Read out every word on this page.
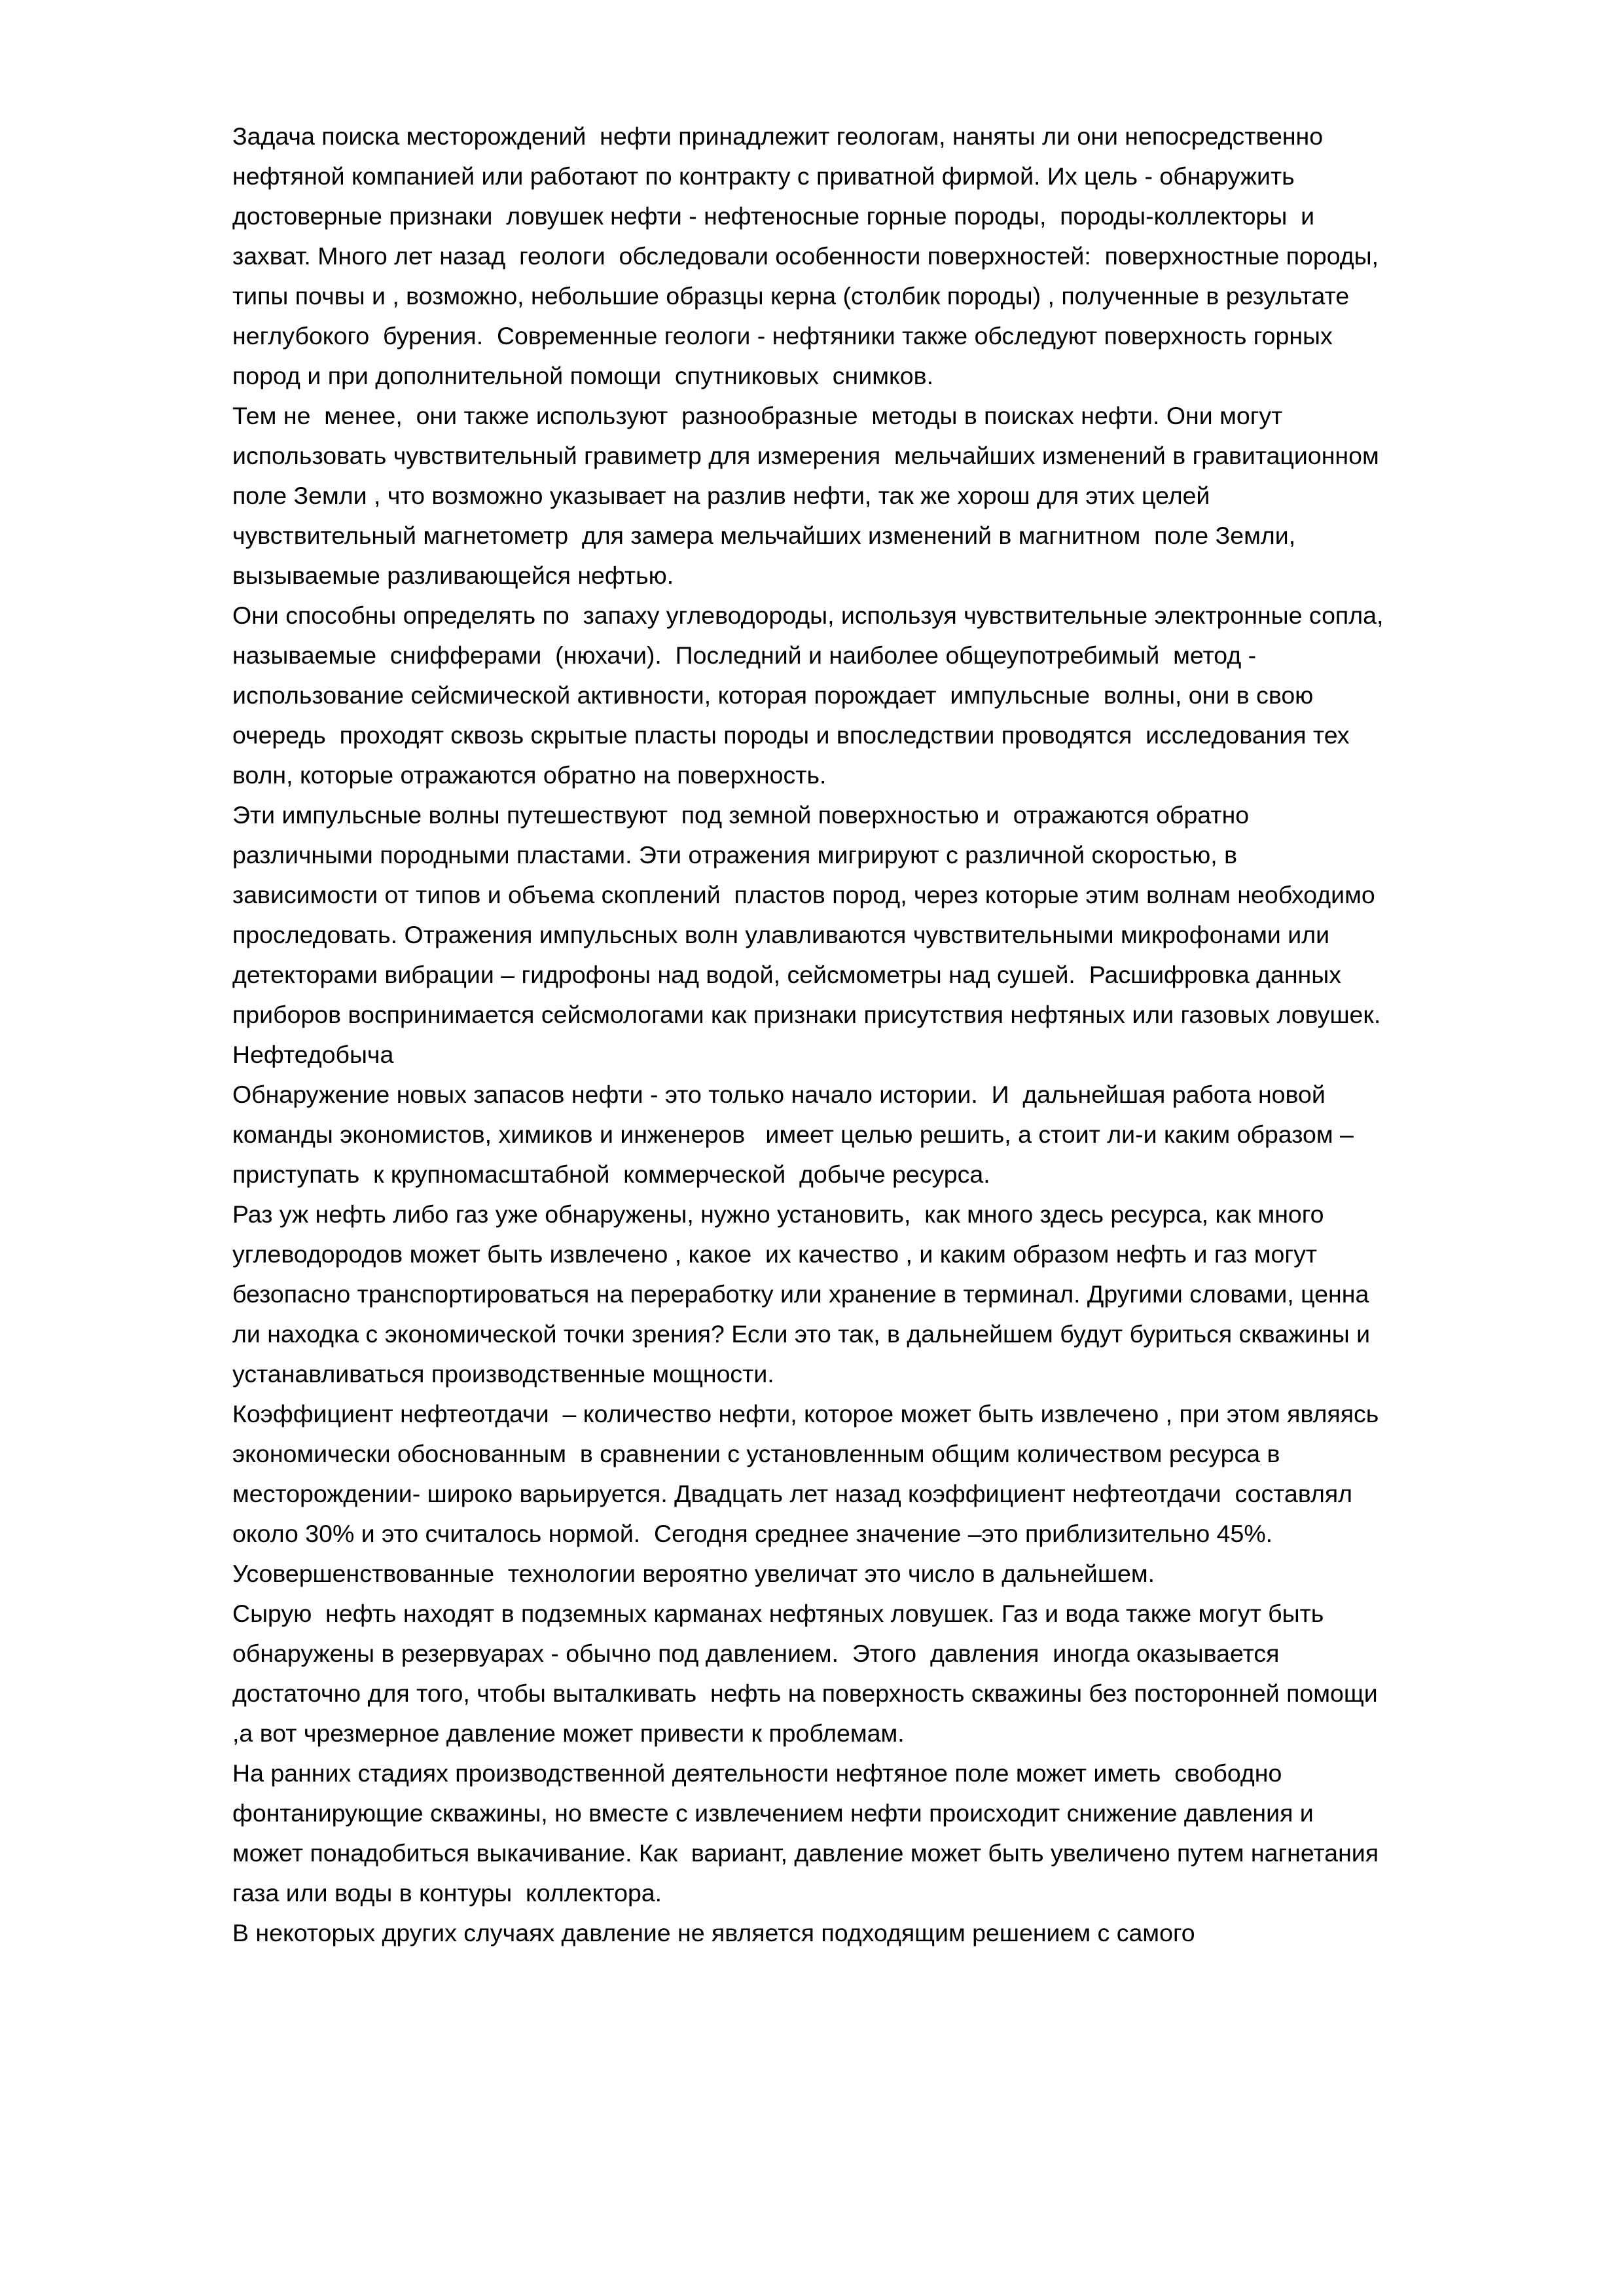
Задача поиска месторождений  нефти принадлежит геологам, наняты ли они непосредственно нефтяной компанией или работают по контракту с приватной фирмой. Их цель - обнаружить достоверные признаки  ловушек нефти - нефтеносные горные породы,  породы-коллекторы  и  захват. Много лет назад  геологи  обследовали особенности поверхностей:  поверхностные породы,  типы почвы и , возможно, небольшие образцы керна (столбик породы) , полученные в результате неглубокого  бурения.  Современные геологи - нефтяники также обследуют поверхность горных пород и при дополнительной помощи  спутниковых  снимков.

Тем не  менее,  они также используют  разнообразные  методы в поисках нефти. Они могут использовать чувствительный гравиметр для измерения  мельчайших изменений в гравитационном поле Земли , что возможно указывает на разлив нефти, так же хорош для этих целей чувствительный магнетометр  для замера мельчайших изменений в магнитном  поле Земли, вызываемые разливающейся нефтью.

Они способны определять по  запаху углеводороды, используя чувствительные электронные сопла, называемые  снифферами  (нюхачи).  Последний и наиболее общеупотребимый  метод - использование сейсмической активности, которая порождает  импульсные  волны, они в свою очередь  проходят сквозь скрытые пласты породы и впоследствии проводятся  исследования тех  волн, которые отражаются обратно на поверхность.

Эти импульсные волны путешествуют  под земной поверхностью и  отражаются обратно различными породными пластами. Эти отражения мигрируют с различной скоростью, в зависимости от типов и объема скоплений  пластов пород, через которые этим волнам необходимо проследовать. Отражения импульсных волн улавливаются чувствительными микрофонами или детекторами вибрации – гидрофоны над водой, сейсмометры над сушей.  Расшифровка данных приборов воспринимается сейсмологами как признаки присутствия нефтяных или газовых ловушек.

Нефтедобыча

Обнаружение новых запасов нефти - это только начало истории.  И  дальнейшая работа новой команды экономистов, химиков и инженеров   имеет целью решить, а стоит ли-и каким образом –приступать  к крупномасштабной  коммерческой  добыче ресурса.

Раз уж нефть либо газ уже обнаружены, нужно установить,  как много здесь ресурса, как много углеводородов может быть извлечено , какое  их качество , и каким образом нефть и газ могут безопасно транспортироваться на переработку или хранение в терминал. Другими словами, ценна ли находка с экономической точки зрения? Если это так, в дальнейшем будут буриться скважины и устанавливаться производственные мощности.

Коэффициент нефтеотдачи  – количество нефти, которое может быть извлечено , при этом являясь экономически обоснованным  в сравнении с установленным общим количеством ресурса в месторождении- широко варьируется. Двадцать лет назад коэффициент нефтеотдачи  составлял около 30% и это считалось нормой.  Сегодня среднее значение –это приблизительно 45%. Усовершенствованные  технологии вероятно увеличат это число в дальнейшем.

Сырую  нефть находят в подземных карманах нефтяных ловушек. Газ и вода также могут быть обнаружены в резервуарах - обычно под давлением.  Этого  давления  иногда оказывается достаточно для того, чтобы выталкивать  нефть на поверхность скважины без посторонней помощи ,а вот чрезмерное давление может привести к проблемам.

На ранних стадиях производственной деятельности нефтяное поле может иметь  свободно фонтанирующие скважины, но вместе с извлечением нефти происходит снижение давления и может понадобиться выкачивание. Как  вариант, давление может быть увеличено путем нагнетания  газа или воды в контуры  коллектора.

В некоторых других случаях давление не является подходящим решением с самого
